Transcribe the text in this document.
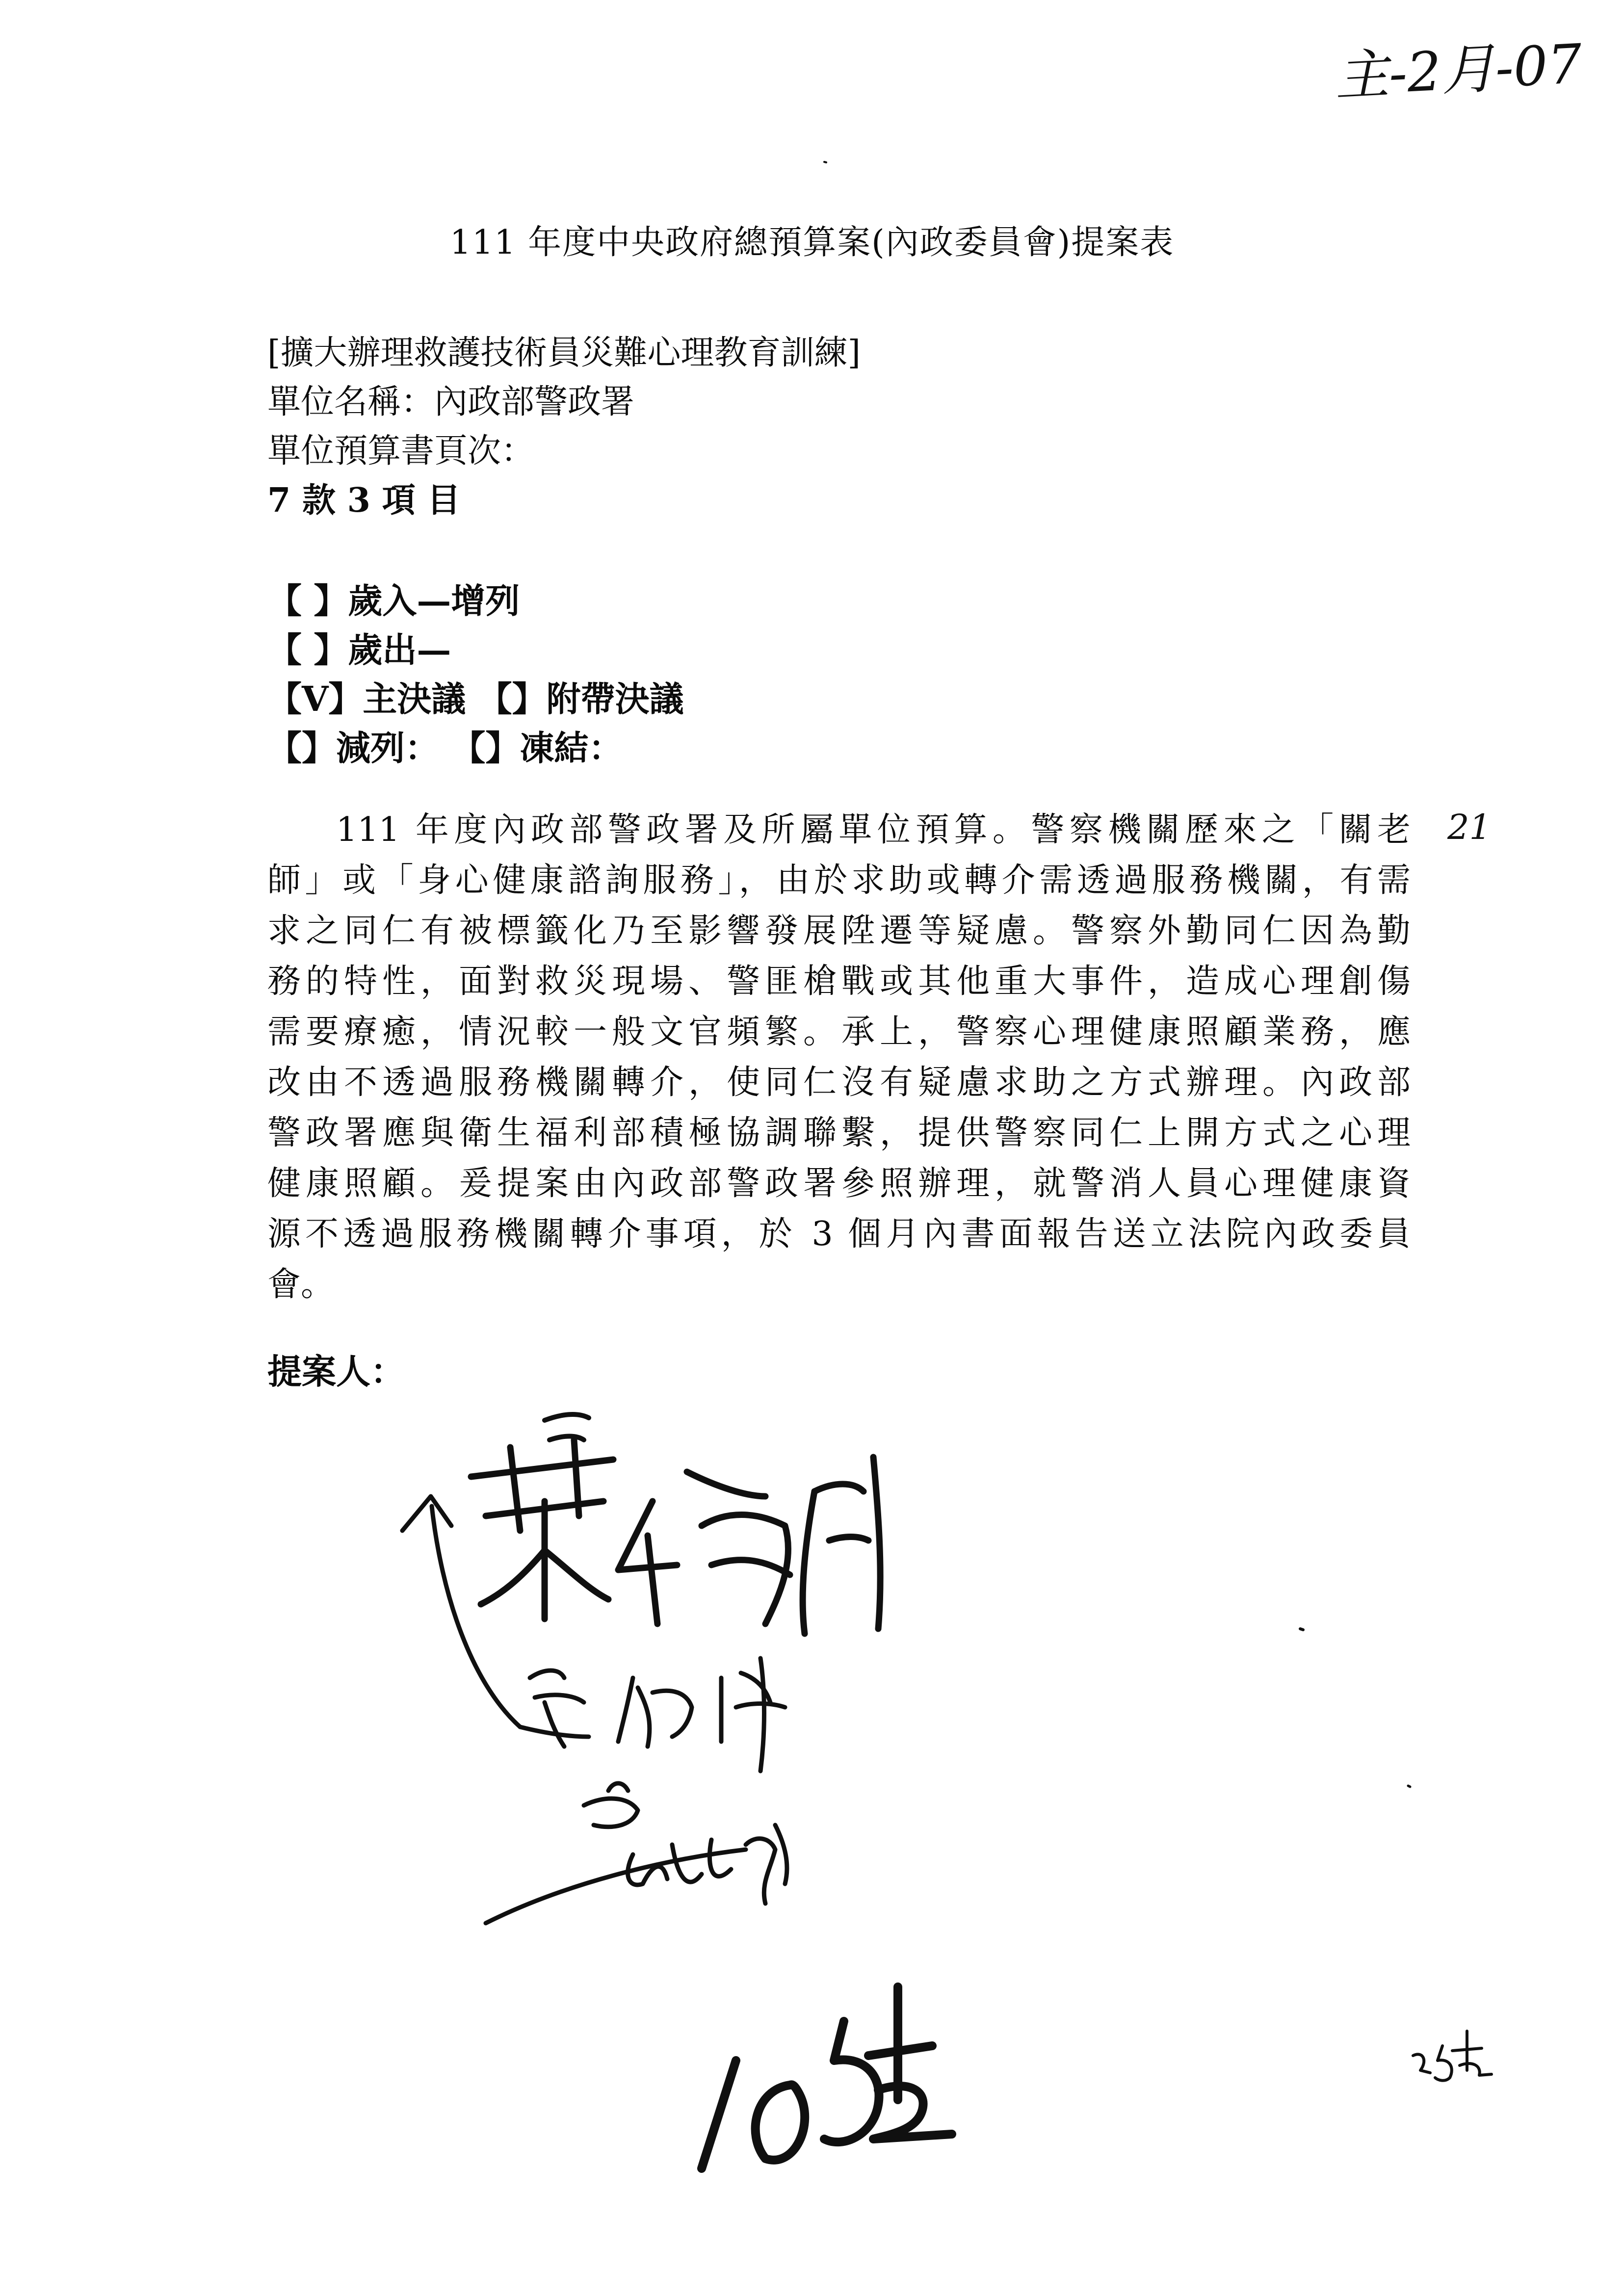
主-2月-07
111 年度中央政府總預算案(內政委員會)提案表
[擴大辦理救護技術員災難心理教育訓練]
單位名稱：內政部警政署
單位預算書頁次：
7 款 3 項 目
【 】歲入—增列
【 】歲出—
【V】主決議 【】附帶決議
【】減列： 【】凍結：
111 年度內政部警政署及所屬單位預算。警察機關歷來之「關老
師」或「身心健康諮詢服務」，由於求助或轉介需透過服務機關，有需
求之同仁有被標籤化乃至影響發展陞遷等疑慮。警察外勤同仁因為勤
務的特性，面對救災現場、警匪槍戰或其他重大事件，造成心理創傷
需要療癒，情況較一般文官頻繁。承上，警察心理健康照顧業務，應
改由不透過服務機關轉介，使同仁沒有疑慮求助之方式辦理。內政部
警政署應與衛生福利部積極協調聯繫，提供警察同仁上開方式之心理
健康照顧。爰提案由內政部警政署參照辦理，就警消人員心理健康資
源不透過服務機關轉介事項，於 3 個月內書面報告送立法院內政委員
會。
21
提案人：
